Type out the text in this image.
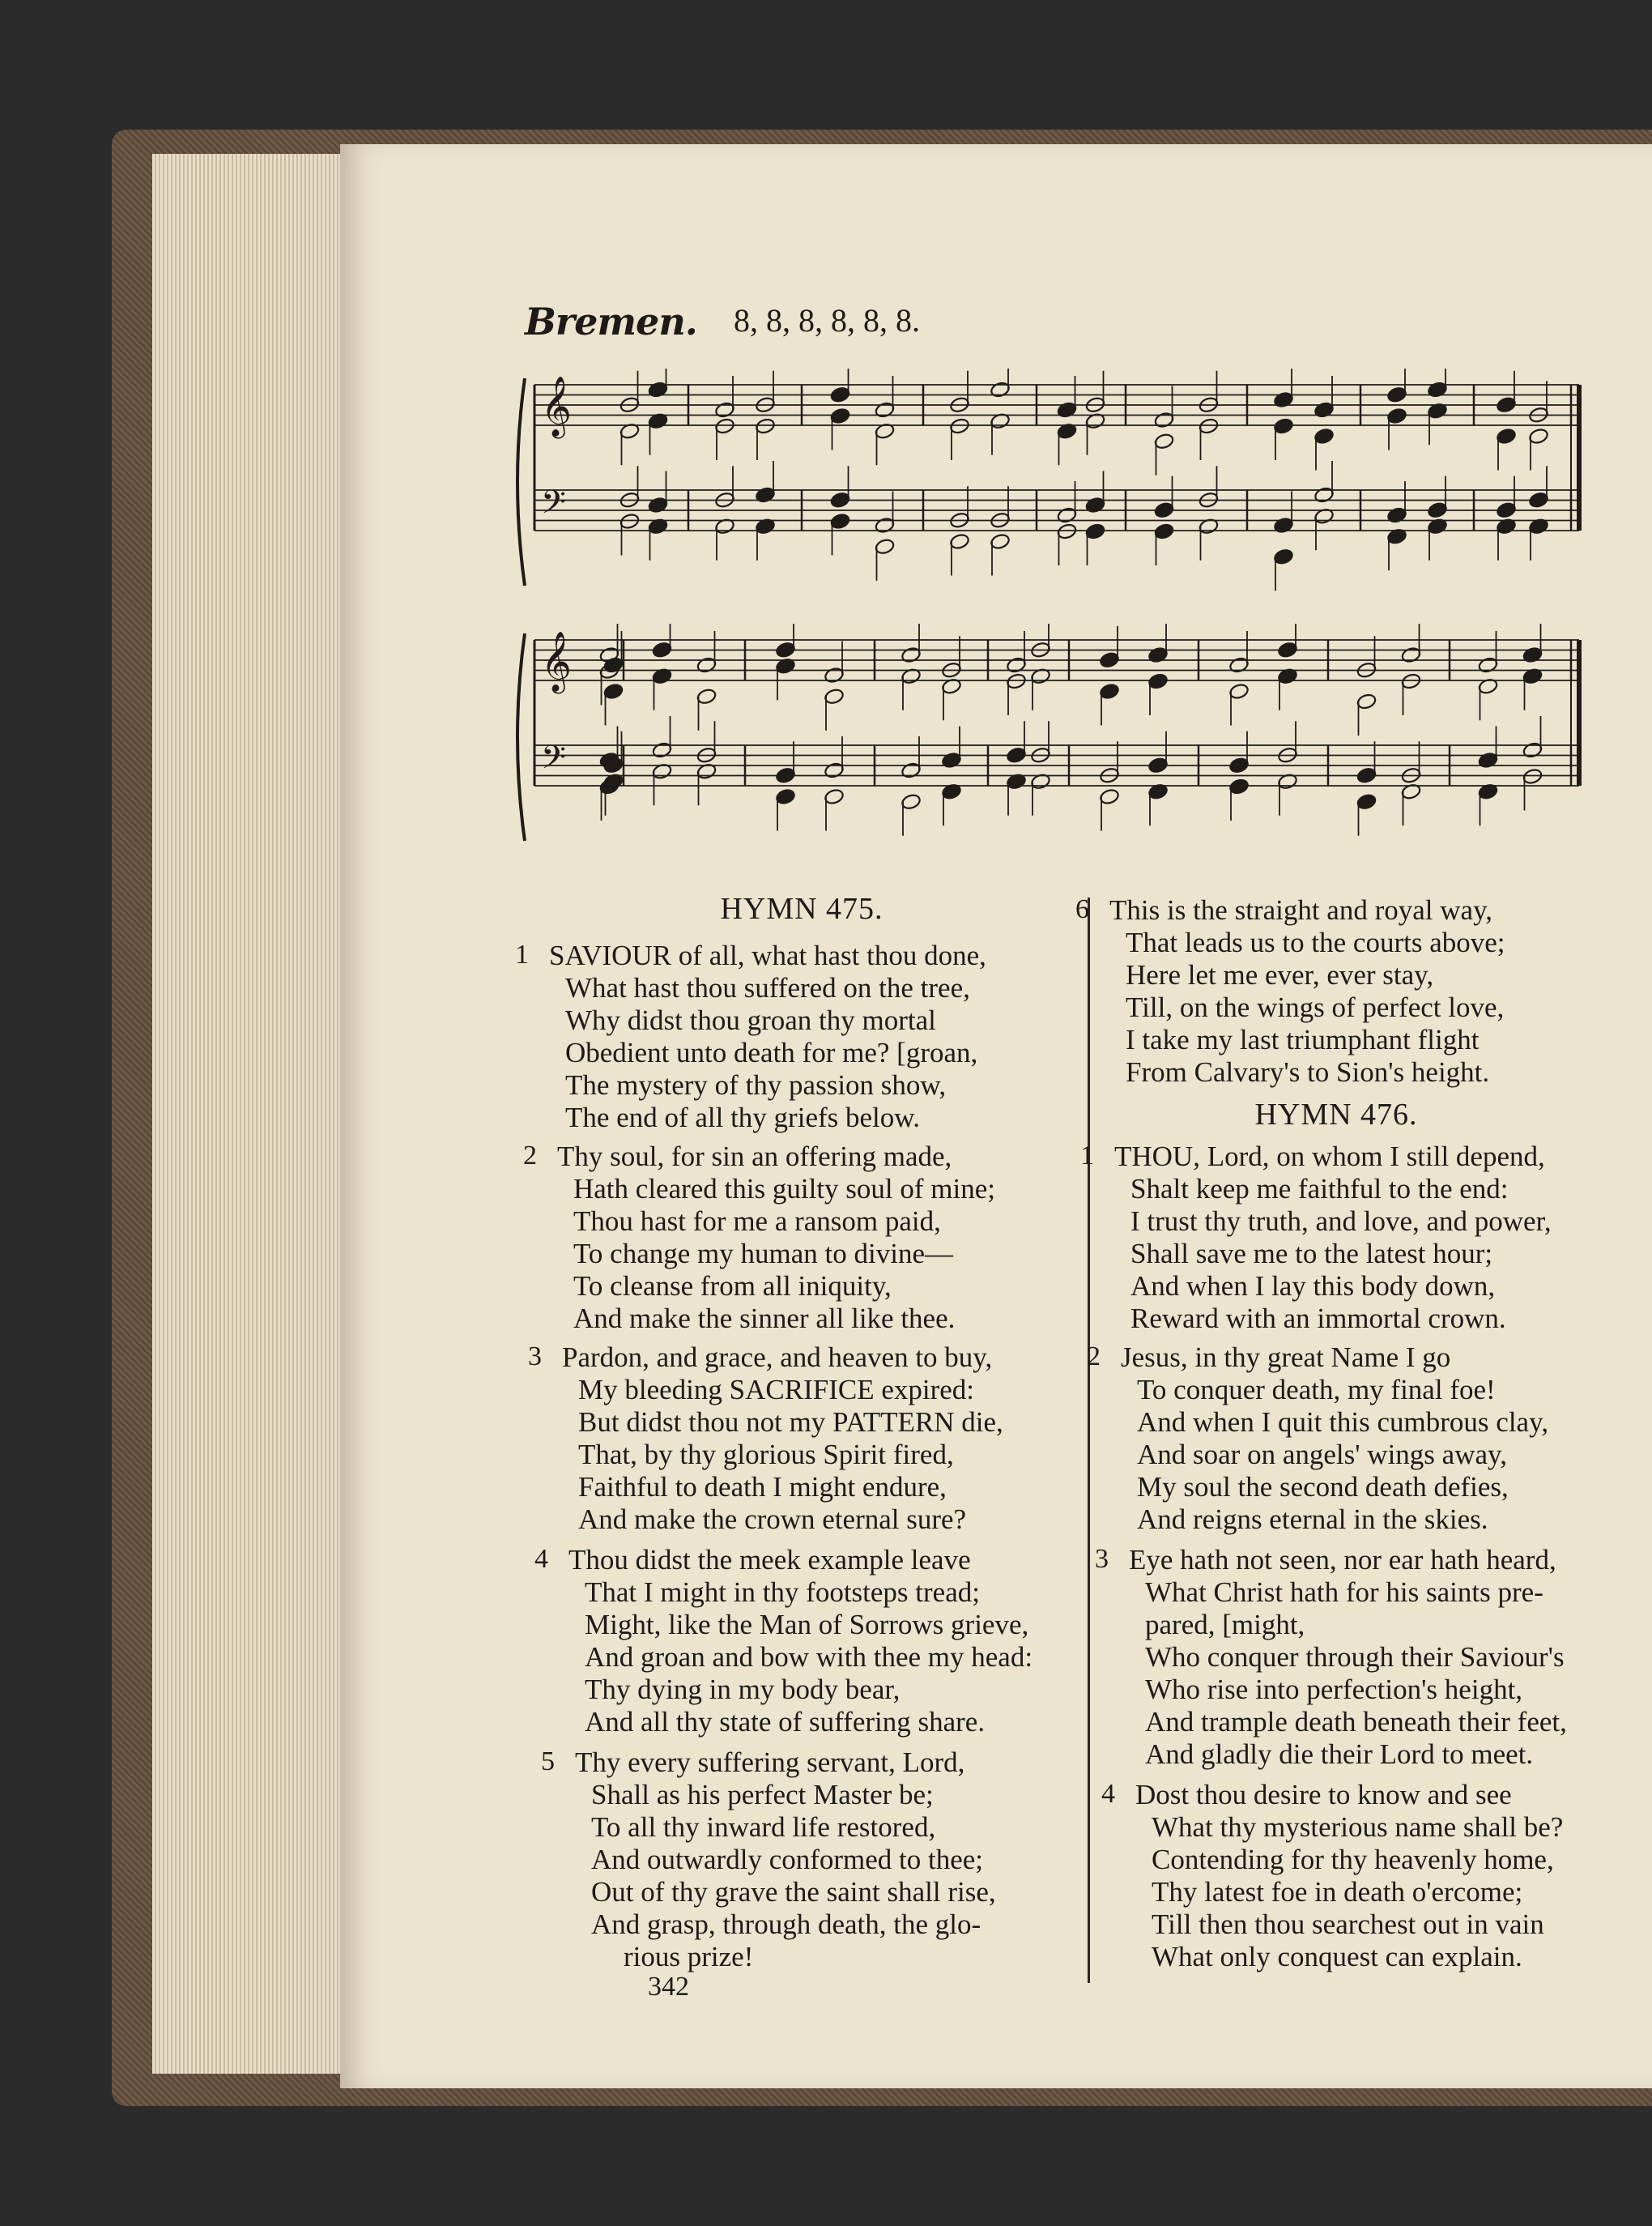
Bremen. 8, 8, 8, 8, 8, 8.
𝄞
𝄢
𝄞
𝄢
HYMN 475.
1 SAVIOUR of all, what hast thou done,
What hast thou suffered on the tree,
Why didst thou groan thy mortal
Obedient unto death for me? [groan,
The mystery of thy passion show,
The end of all thy griefs below.
2 Thy soul, for sin an offering made,
Hath cleared this guilty soul of mine;
Thou hast for me a ransom paid,
To change my human to divine—
To cleanse from all iniquity,
And make the sinner all like thee.
3 Pardon, and grace, and heaven to buy,
My bleeding SACRIFICE expired:
But didst thou not my PATTERN die,
That, by thy glorious Spirit fired,
Faithful to death I might endure,
And make the crown eternal sure?
4 Thou didst the meek example leave
That I might in thy footsteps tread;
Might, like the Man of Sorrows grieve,
And groan and bow with thee my head:
Thy dying in my body bear,
And all thy state of suffering share.
5 Thy every suffering servant, Lord,
Shall as his perfect Master be;
To all thy inward life restored,
And outwardly conformed to thee;
Out of thy grave the saint shall rise,
And grasp, through death, the glo-
rious prize!
6 This is the straight and royal way,
That leads us to the courts above;
Here let me ever, ever stay,
Till, on the wings of perfect love,
I take my last triumphant flight
From Calvary's to Sion's height.
HYMN 476.
1 THOU, Lord, on whom I still depend,
Shalt keep me faithful to the end:
I trust thy truth, and love, and power,
Shall save me to the latest hour;
And when I lay this body down,
Reward with an immortal crown.
2 Jesus, in thy great Name I go
To conquer death, my final foe!
And when I quit this cumbrous clay,
And soar on angels' wings away,
My soul the second death defies,
And reigns eternal in the skies.
3 Eye hath not seen, nor ear hath heard,
What Christ hath for his saints pre-
pared, [might,
Who conquer through their Saviour's
Who rise into perfection's height,
And trample death beneath their feet,
And gladly die their Lord to meet.
4 Dost thou desire to know and see
What thy mysterious name shall be?
Contending for thy heavenly home,
Thy latest foe in death o'ercome;
Till then thou searchest out in vain
What only conquest can explain.
342
